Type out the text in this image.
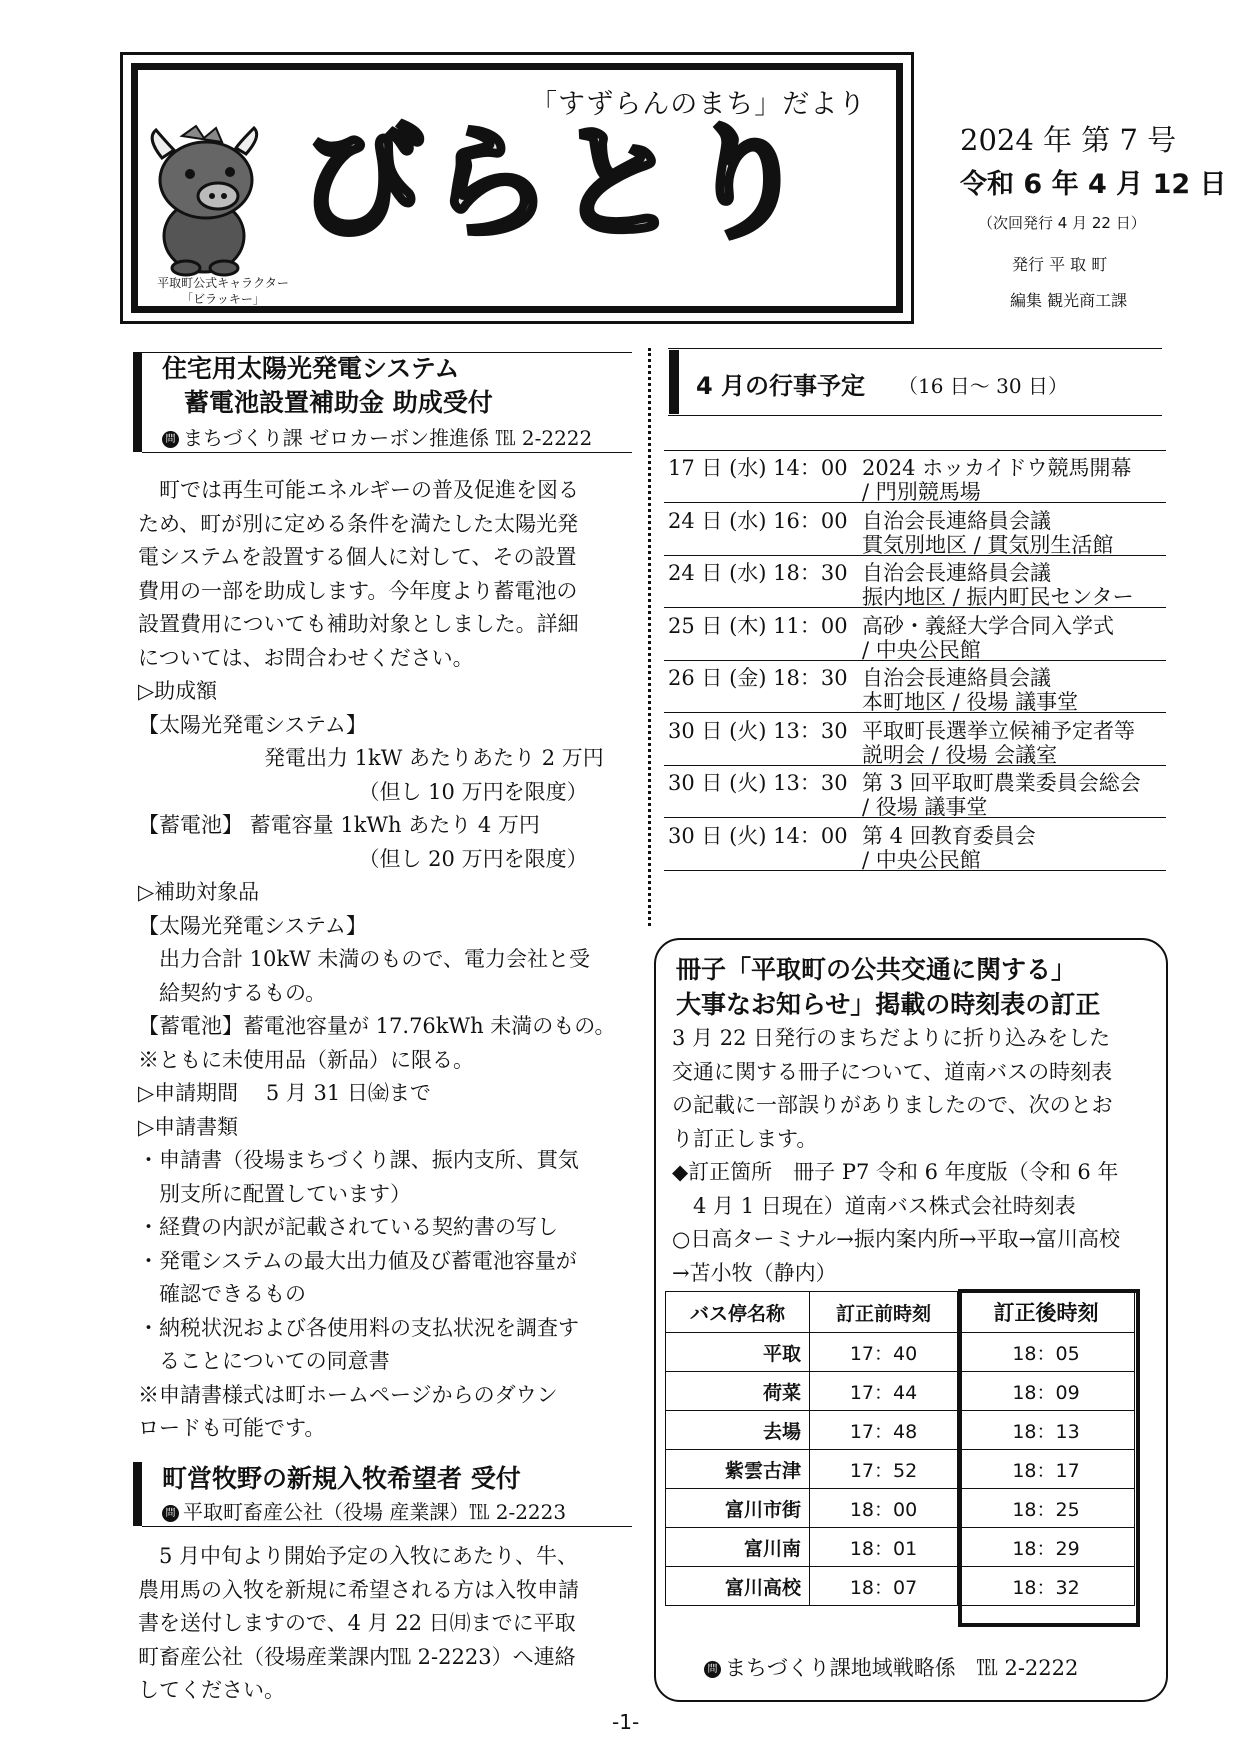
「すずらんのまち」だより
びらとり
平取町公式キャラクター
「ビラッキー」
2024 年 第 7 号
令和 6 年 4 月 12 日
（次回発行 4 月 22 日）
発行 平 取 町
編集 観光商工課
住宅用太陽光発電システム
蓄電池設置補助金 助成受付
問 まちづくり課 ゼロカーボン推進係 ℡ 2-2222
　町では再生可能エネルギーの普及促進を図る
ため、町が別に定める条件を満たした太陽光発
電システムを設置する個人に対して、その設置
費用の一部を助成します。今年度より蓄電池の
設置費用についても補助対象としました。詳細
については、お問合わせください。
▷助成額
【太陽光発電システム】
　　　　　　発電出力 1kW あたりあたり 2 万円
　　　　　　　　　　　（但し 10 万円を限度）
【蓄電池】 蓄電容量 1kWh あたり 4 万円
　　　　　　　　　　　（但し 20 万円を限度）
▷補助対象品
【太陽光発電システム】
　出力合計 10kW 未満のもので、電力会社と受
　給契約するもの。
【蓄電池】蓄電池容量が 17.76kWh 未満のもの。
※ともに未使用品（新品）に限る。
▷申請期間　 5 月 31 日㈮まで
▷申請書類
・申請書（役場まちづくり課、振内支所、貫気
　別支所に配置しています）
・経費の内訳が記載されている契約書の写し
・発電システムの最大出力値及び蓄電池容量が
　確認できるもの
・納税状況および各使用料の支払状況を調査す
　ることについての同意書
※申請書様式は町ホームページからのダウン
ロードも可能です。
町営牧野の新規入牧希望者 受付
問 平取町畜産公社（役場 産業課）℡ 2-2223
　5 月中旬より開始予定の入牧にあたり、牛、
農用馬の入牧を新規に希望される方は入牧申請
書を送付しますので、4 月 22 日㈪までに平取
町畜産公社（役場産業課内℡ 2-2223）へ連絡
してください。
4 月の行事予定 （16 日～ 30 日）
17 日 (水) 14：00 2024 ホッカイドウ競馬開幕
/ 門別競馬場
24 日 (水) 16：00 自治会長連絡員会議
貫気別地区 / 貫気別生活館
24 日 (水) 18：30 自治会長連絡員会議
振内地区 / 振内町民センター
25 日 (木) 11：00 高砂・義経大学合同入学式
/ 中央公民館
26 日 (金) 18：30 自治会長連絡員会議
本町地区 / 役場 議事堂
30 日 (火) 13：30 平取町長選挙立候補予定者等
説明会 / 役場 会議室
30 日 (火) 13：30 第 3 回平取町農業委員会総会
/ 役場 議事堂
30 日 (火) 14：00 第 4 回教育委員会
/ 中央公民館
冊子「平取町の公共交通に関する」
大事なお知らせ」掲載の時刻表の訂正
3 月 22 日発行のまちだよりに折り込みをした
交通に関する冊子について、道南バスの時刻表
の記載に一部誤りがありましたので、次のとお
り訂正します。
◆訂正箇所　冊子 P7 令和 6 年度版（令和 6 年
　4 月 1 日現在）道南バス株式会社時刻表
○日高ターミナル→振内案内所→平取→富川高校
→苫小牧（静内）
バス停名称	訂正前時刻	訂正後時刻
平取	17：40	18：05
荷菜	17：44	18：09
去場	17：48	18：13
紫雲古津	17：52	18：17
富川市街	18：00	18：25
富川南	18：01	18：29
富川高校	18：07	18：32
問 まちづくり課地域戦略係　℡ 2-2222
-1-
